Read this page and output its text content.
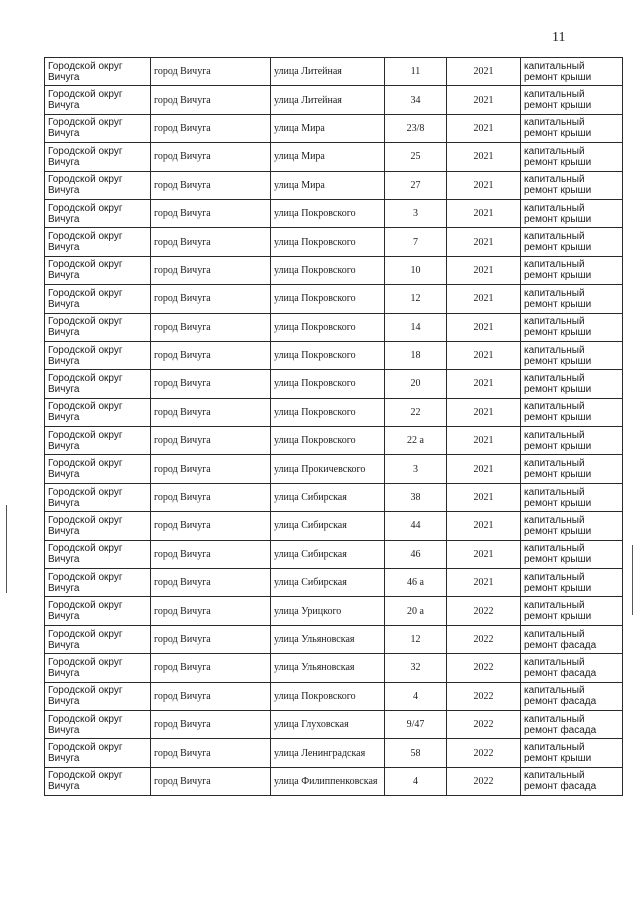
11
Городской округ Вичуга	город Вичуга	улица Литейная	11	2021	капитальный ремонт крыши
Городской округ Вичуга	город Вичуга	улица Литейная	34	2021	капитальный ремонт крыши
Городской округ Вичуга	город Вичуга	улица Мира	23/8	2021	капитальный ремонт крыши
Городской округ Вичуга	город Вичуга	улица Мира	25	2021	капитальный ремонт крыши
Городской округ Вичуга	город Вичуга	улица Мира	27	2021	капитальный ремонт крыши
Городской округ Вичуга	город Вичуга	улица Покровского	3	2021	капитальный ремонт крыши
Городской округ Вичуга	город Вичуга	улица Покровского	7	2021	капитальный ремонт крыши
Городской округ Вичуга	город Вичуга	улица Покровского	10	2021	капитальный ремонт крыши
Городской округ Вичуга	город Вичуга	улица Покровского	12	2021	капитальный ремонт крыши
Городской округ Вичуга	город Вичуга	улица Покровского	14	2021	капитальный ремонт крыши
Городской округ Вичуга	город Вичуга	улица Покровского	18	2021	капитальный ремонт крыши
Городской округ Вичуга	город Вичуга	улица Покровского	20	2021	капитальный ремонт крыши
Городской округ Вичуга	город Вичуга	улица Покровского	22	2021	капитальный ремонт крыши
Городской округ Вичуга	город Вичуга	улица Покровского	22 а	2021	капитальный ремонт крыши
Городской округ Вичуга	город Вичуга	улица Прокичевского	3	2021	капитальный ремонт крыши
Городской округ Вичуга	город Вичуга	улица Сибирская	38	2021	капитальный ремонт крыши
Городской округ Вичуга	город Вичуга	улица Сибирская	44	2021	капитальный ремонт крыши
Городской округ Вичуга	город Вичуга	улица Сибирская	46	2021	капитальный ремонт крыши
Городской округ Вичуга	город Вичуга	улица Сибирская	46 а	2021	капитальный ремонт крыши
Городской округ Вичуга	город Вичуга	улица Урицкого	20 а	2022	капитальный ремонт крыши
Городской округ Вичуга	город Вичуга	улица Ульяновская	12	2022	капитальный ремонт фасада
Городской округ Вичуга	город Вичуга	улица Ульяновская	32	2022	капитальный ремонт фасада
Городской округ Вичуга	город Вичуга	улица Покровского	4	2022	капитальный ремонт фасада
Городской округ Вичуга	город Вичуга	улица Глуховская	9/47	2022	капитальный ремонт фасада
Городской округ Вичуга	город Вичуга	улица Ленинградская	58	2022	капитальный ремонт крыши
Городской округ Вичуга	город Вичуга	улица Филиппенковская	4	2022	капитальный ремонт фасада
